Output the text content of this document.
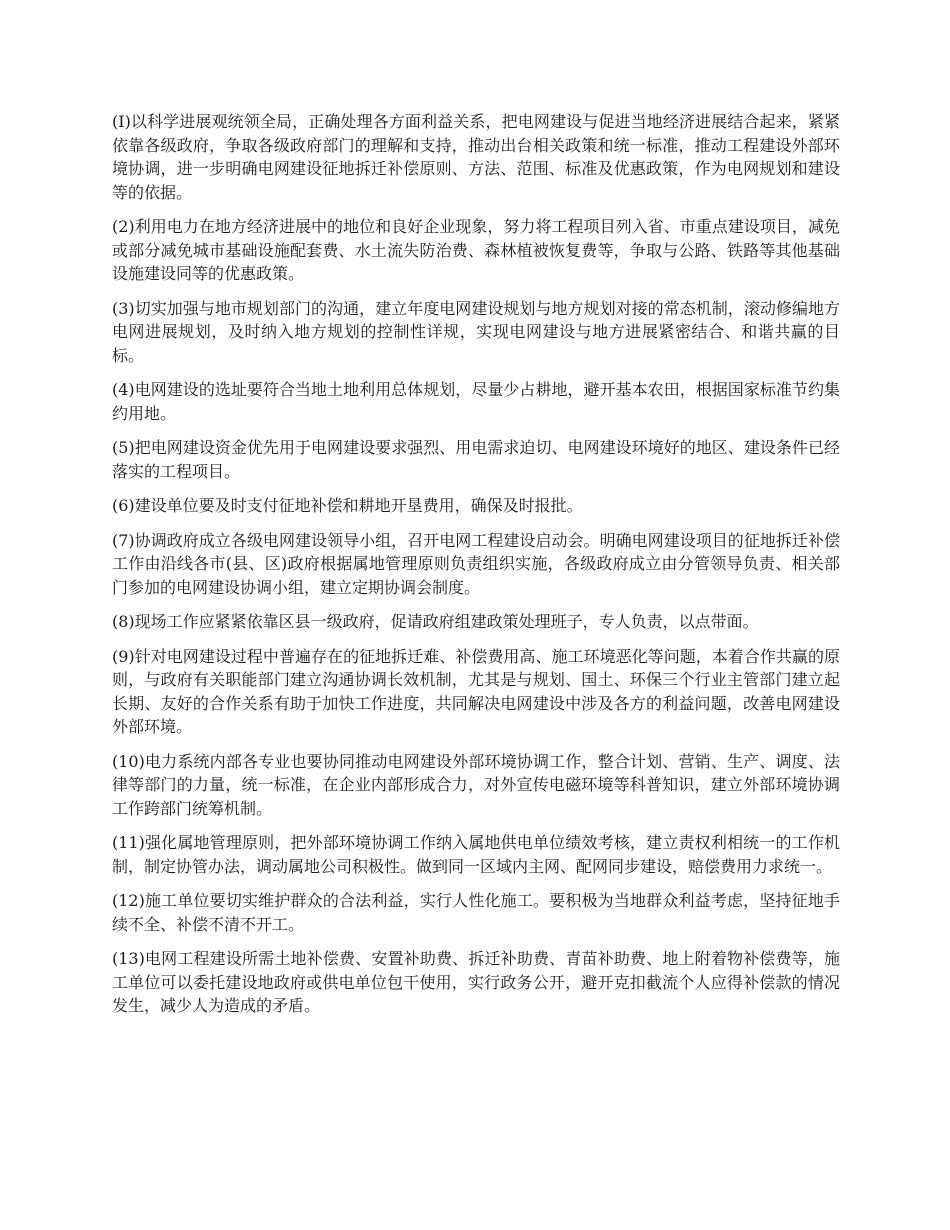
(I)以科学进展观统领全局，正确处理各方面利益关系，把电网建设与促进当地经济进展结合起来，紧紧依靠各级政府，争取各级政府部门的理解和支持，推动出台相关政策和统一标准，推动工程建设外部环境协调，进一步明确电网建设征地拆迁补偿原则、方法、范围、标准及优惠政策，作为电网规划和建设等的依据。

(2)利用电力在地方经济进展中的地位和良好企业现象，努力将工程项目列入省、市重点建设项目，减免或部分减免城市基础设施配套费、水土流失防治费、森林植被恢复费等，争取与公路、铁路等其他基础设施建设同等的优惠政策。

(3)切实加强与地市规划部门的沟通，建立年度电网建设规划与地方规划对接的常态机制，滚动修编地方电网进展规划，及时纳入地方规划的控制性详规，实现电网建设与地方进展紧密结合、和谐共赢的目标。

(4)电网建设的选址要符合当地土地利用总体规划，尽量少占耕地，避开基本农田，根据国家标准节约集约用地。

(5)把电网建设资金优先用于电网建设要求强烈、用电需求迫切、电网建设环境好的地区、建设条件已经落实的工程项目。

(6)建设单位要及时支付征地补偿和耕地开垦费用，确保及时报批。

(7)协调政府成立各级电网建设领导小组，召开电网工程建设启动会。明确电网建设项目的征地拆迁补偿工作由沿线各市(县、区)政府根据属地管理原则负责组织实施，各级政府成立由分管领导负责、相关部门参加的电网建设协调小组，建立定期协调会制度。

(8)现场工作应紧紧依靠区县一级政府，促请政府组建政策处理班子，专人负责，以点带面。

(9)针对电网建设过程中普遍存在的征地拆迁难、补偿费用高、施工环境恶化等问题，本着合作共赢的原则，与政府有关职能部门建立沟通协调长效机制，尤其是与规划、国土、环保三个行业主管部门建立起长期、友好的合作关系有助于加快工作进度，共同解决电网建设中涉及各方的利益问题，改善电网建设外部环境。

(10)电力系统内部各专业也要协同推动电网建设外部环境协调工作，整合计划、营销、生产、调度、法律等部门的力量，统一标准，在企业内部形成合力，对外宣传电磁环境等科普知识，建立外部环境协调工作跨部门统筹机制。

(11)强化属地管理原则，把外部环境协调工作纳入属地供电单位绩效考核，建立责权利相统一的工作机制，制定协管办法，调动属地公司积极性。做到同一区域内主网、配网同步建设，赔偿费用力求统一。

(12)施工单位要切实维护群众的合法利益，实行人性化施工。要积极为当地群众利益考虑，坚持征地手续不全、补偿不清不开工。

(13)电网工程建设所需土地补偿费、安置补助费、拆迁补助费、青苗补助费、地上附着物补偿费等，施工单位可以委托建设地政府或供电单位包干使用，实行政务公开，避开克扣截流个人应得补偿款的情况发生，减少人为造成的矛盾。
